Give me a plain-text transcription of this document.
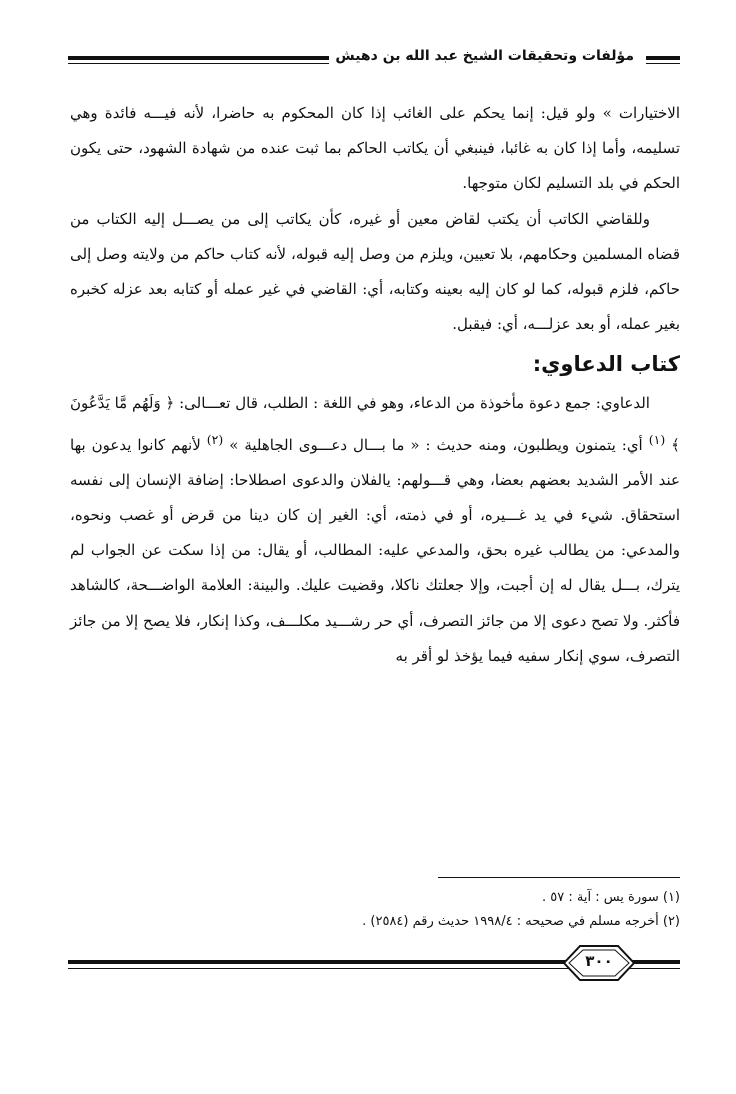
مؤلفات وتحقيقات الشيخ عبد الله بن دهيش

الاختيارات » ولو قيل: إنما يحكم على الغائب إذا كان المحكوم به حاضرا، لأنه فيـــه فائدة وهي تسليمه، وأما إذا كان به غائبا، فينبغي أن يكاتب الحاكم بما ثبت عنده من شهادة الشهود، حتى يكون الحكم في بلد التسليم لكان متوجها.

وللقاضي الكاتب أن يكتب لقاض معين أو غيره، كأن يكاتب إلى من يصـــل إليه الكتاب من قضاه المسلمين وحكامهم، بلا تعيين، ويلزم من وصل إليه قبوله، لأنه كتاب حاكم من ولايته وصل إلى حاكم، فلزم قبوله، كما لو كان إليه بعينه وكتابه، أي: القاضي في غير عمله أو كتابه بعد عزله كخبره بغير عمله، أو بعد عزلـــه، أي: فيقبل.

كتاب الدعاوي:

الدعاوي: جمع دعوة مأخوذة من الدعاء، وهو في اللغة : الطلب، قال تعـــالى: ﴿ وَلَهُم مَّا يَدَّعُونَ ﴾ $^{(١)}$ أي: يتمنون ويطلبون، ومنه حديث : « ما بـــال دعـــوى الجاهلية » $^{(٢)}$ لأنهم كانوا يدعون بها عند الأمر الشديد بعضهم بعضا، وهي قـــولهم: يالفلان والدعوى اصطلاحا: إضافة الإنسان إلى نفسه استحقاق. شيء في يد غـــيره، أو في ذمته، أي: الغير إن كان دينا من قرض أو غصب ونحوه، والمدعي: من يطالب غيره بحق، والمدعي عليه: المطالب، أو يقال: من إذا سكت عن الجواب لم يترك، بـــل يقال له إن أجبت، وإلا جعلتك ناكلا، وقضيت عليك. والبينة: العلامة الواضـــحة، كالشاهد فأكثر. ولا تصح دعوى إلا من جائز التصرف، أي حر رشـــيد مكلـــف، وكذا إنكار، فلا يصح إلا من جائز التصرف، سوي إنكار سفيه فيما يؤخذ لو أقر به

(١) سورة يس : آية : ٥٧ .

(٢) أخرجه مسلم في صحيحه : ١٩٩٨/٤ حديث رقم (٢٥٨٤) .

٣٠٠
